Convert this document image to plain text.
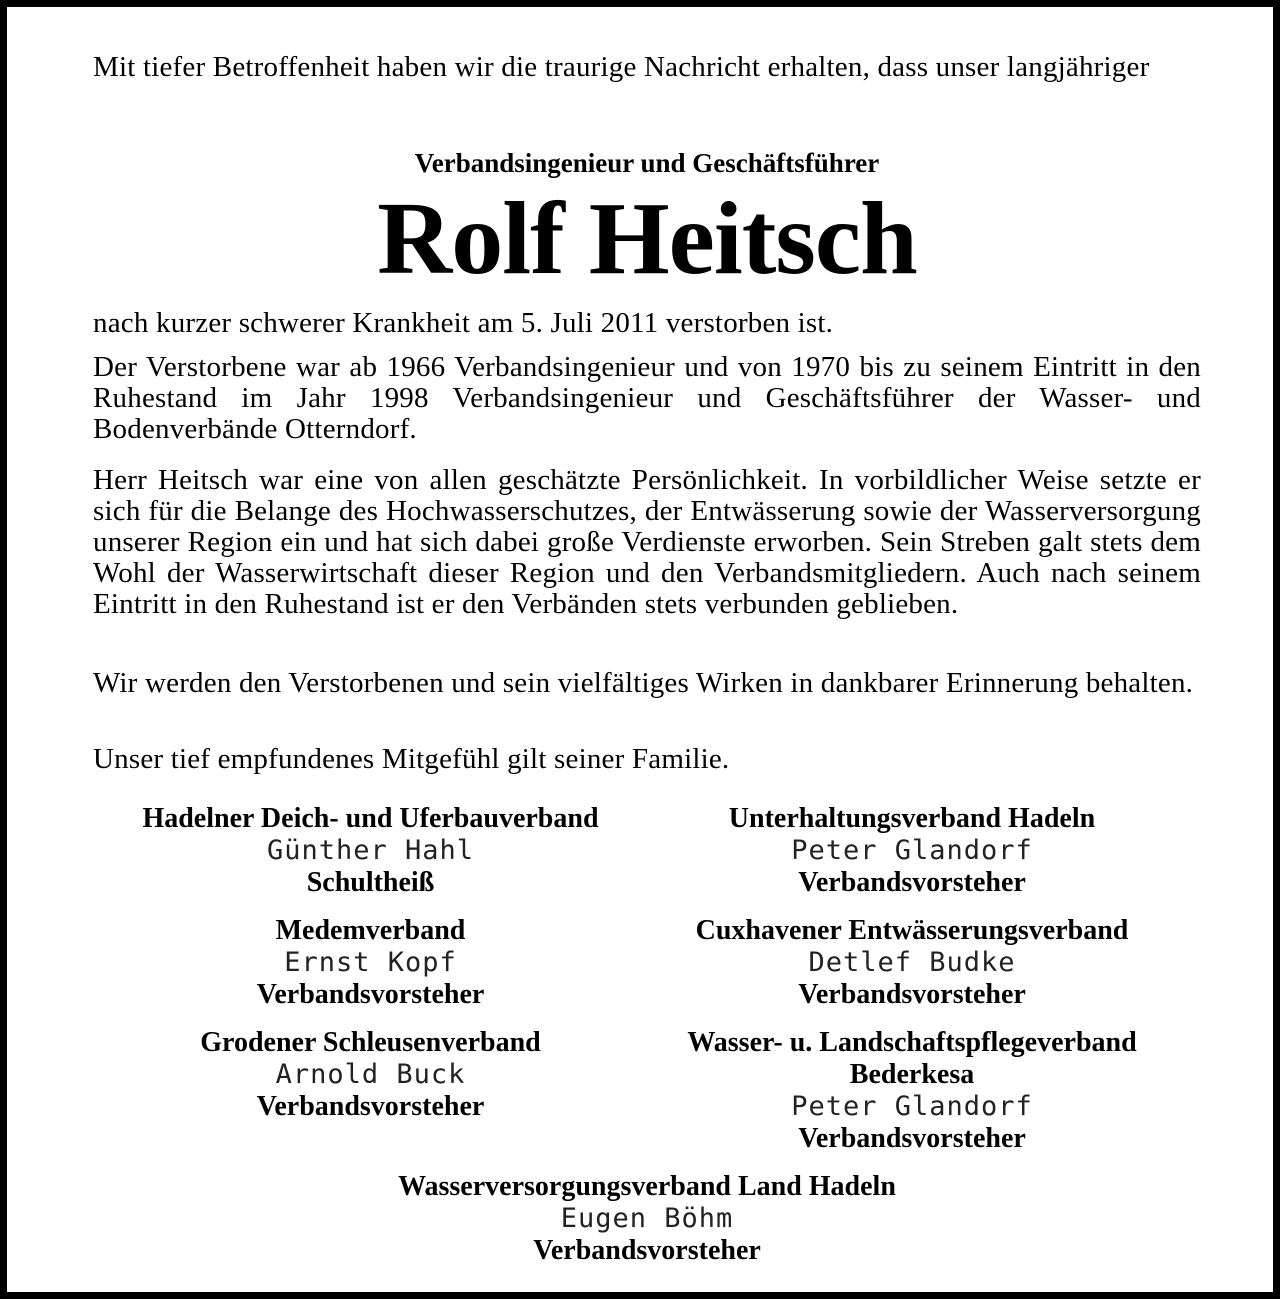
Mit tiefer Betroffenheit haben wir die traurige Nachricht erhalten, dass unser langjähriger
Verbandsingenieur und Geschäftsführer
Rolf Heitsch
nach kurzer schwerer Krankheit am 5. Juli 2011 verstorben ist.
Der Verstorbene war ab 1966 Verbandsingenieur und von 1970 bis zu seinem Eintritt in den Ruhestand im Jahr 1998 Verbandsingenieur und Geschäftsführer der Wasser- und Bodenverbände Otterndorf.
Herr Heitsch war eine von allen geschätzte Persönlichkeit. In vorbildlicher Weise setzte er sich für die Belange des Hochwasserschutzes, der Entwässerung sowie der Wasserversorgung unserer Region ein und hat sich dabei große Verdienste erworben. Sein Streben galt stets dem Wohl der Wasserwirtschaft dieser Region und den Verbandsmitgliedern. Auch nach seinem Eintritt in den Ruhestand ist er den Verbänden stets verbunden geblieben.
Wir werden den Verstorbenen und sein vielfältiges Wirken in dankbarer Erinnerung behalten.
Unser tief empfundenes Mitgefühl gilt seiner Familie.
Hadelner Deich- und Uferbauverband
Günther Hahl
Schultheiß
Unterhaltungsverband Hadeln
Peter Glandorf
Verbandsvorsteher
Medemverband
Ernst Kopf
Verbandsvorsteher
Cuxhavener Entwässerungsverband
Detlef Budke
Verbandsvorsteher
Grodener Schleusenverband
Arnold Buck
Verbandsvorsteher
Wasser- u. Landschaftspflegeverband
Bederkesa
Peter Glandorf
Verbandsvorsteher
Wasserversorgungsverband Land Hadeln
Eugen Böhm
Verbandsvorsteher
